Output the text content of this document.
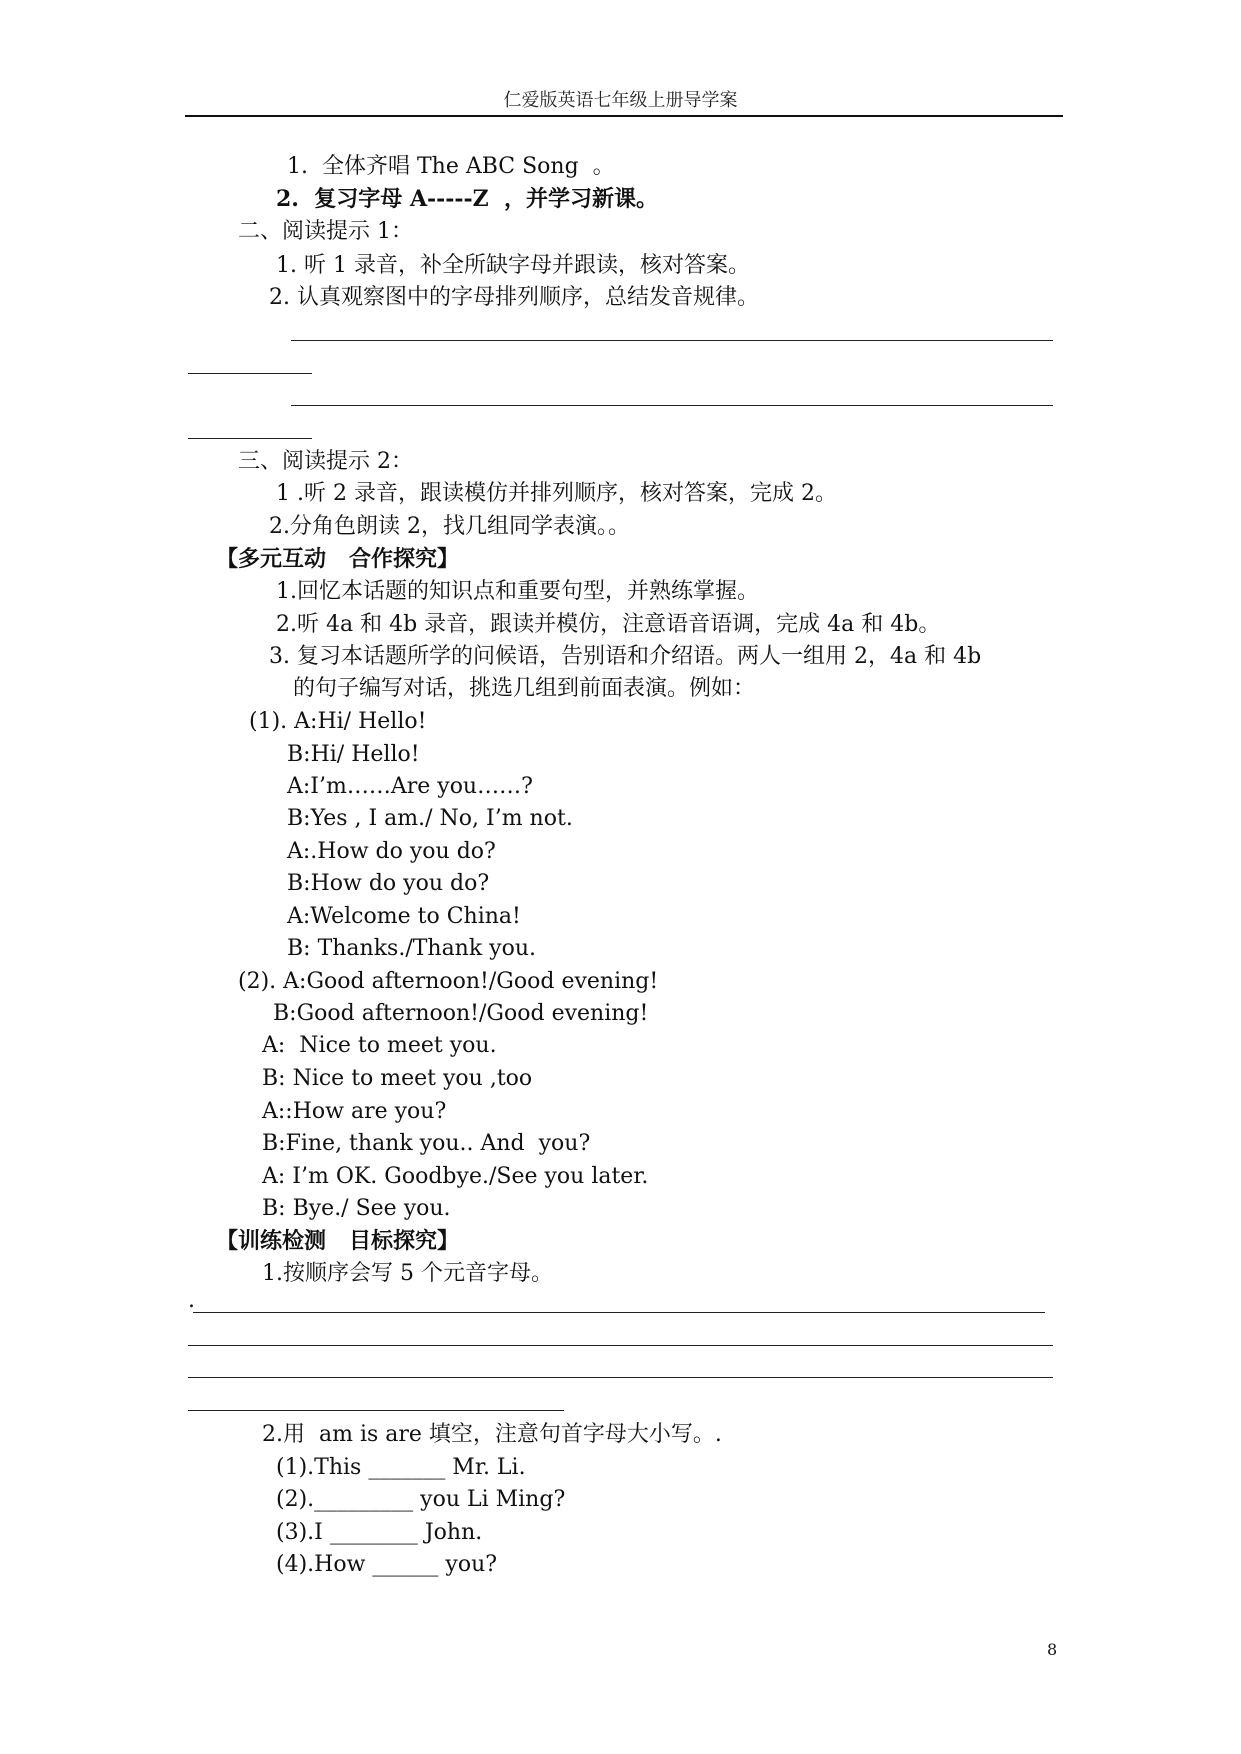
仁爱版英语七年级上册导学案
1.  全体齐唱 The ABC Song  。
2.  复习字母 A-----Z  ，并学习新课。
二、阅读提示 1：
1. 听 1 录音，补全所缺字母并跟读，核对答案。
2. 认真观察图中的字母排列顺序，总结发音规律。
三、阅读提示 2：
1 .听 2 录音，跟读模仿并排列顺序，核对答案，完成 2。
2.分角色朗读 2，找几组同学表演。。
【多元互动   合作探究】
1.回忆本话题的知识点和重要句型，并熟练掌握。
2.听 4a 和 4b 录音，跟读并模仿，注意语音语调，完成 4a 和 4b。
3. 复习本话题所学的问候语，告别语和介绍语。两人一组用 2，4a 和 4b
的句子编写对话，挑选几组到前面表演。例如：
(1). A:Hi/ Hello!
B:Hi/ Hello!
A:I’m……Are you……?
B:Yes , I am./ No, I’m not.
A:.How do you do?
B:How do you do?
A:Welcome to China!
B: Thanks./Thank you.
(2). A:Good afternoon!/Good evening!
B:Good afternoon!/Good evening!
A:  Nice to meet you.
B: Nice to meet you ,too
A::How are you?
B:Fine, thank you.. And  you?
A: I’m OK. Goodbye./See you later.
B: Bye./ See you.
【训练检测   目标探究】
1.按顺序会写 5 个元音字母。
.
2.用  am is are 填空，注意句首字母大小写。.
(1).This _______ Mr. Li.
(2)._________ you Li Ming?
(3).I ________ John.
(4).How ______ you?
8
